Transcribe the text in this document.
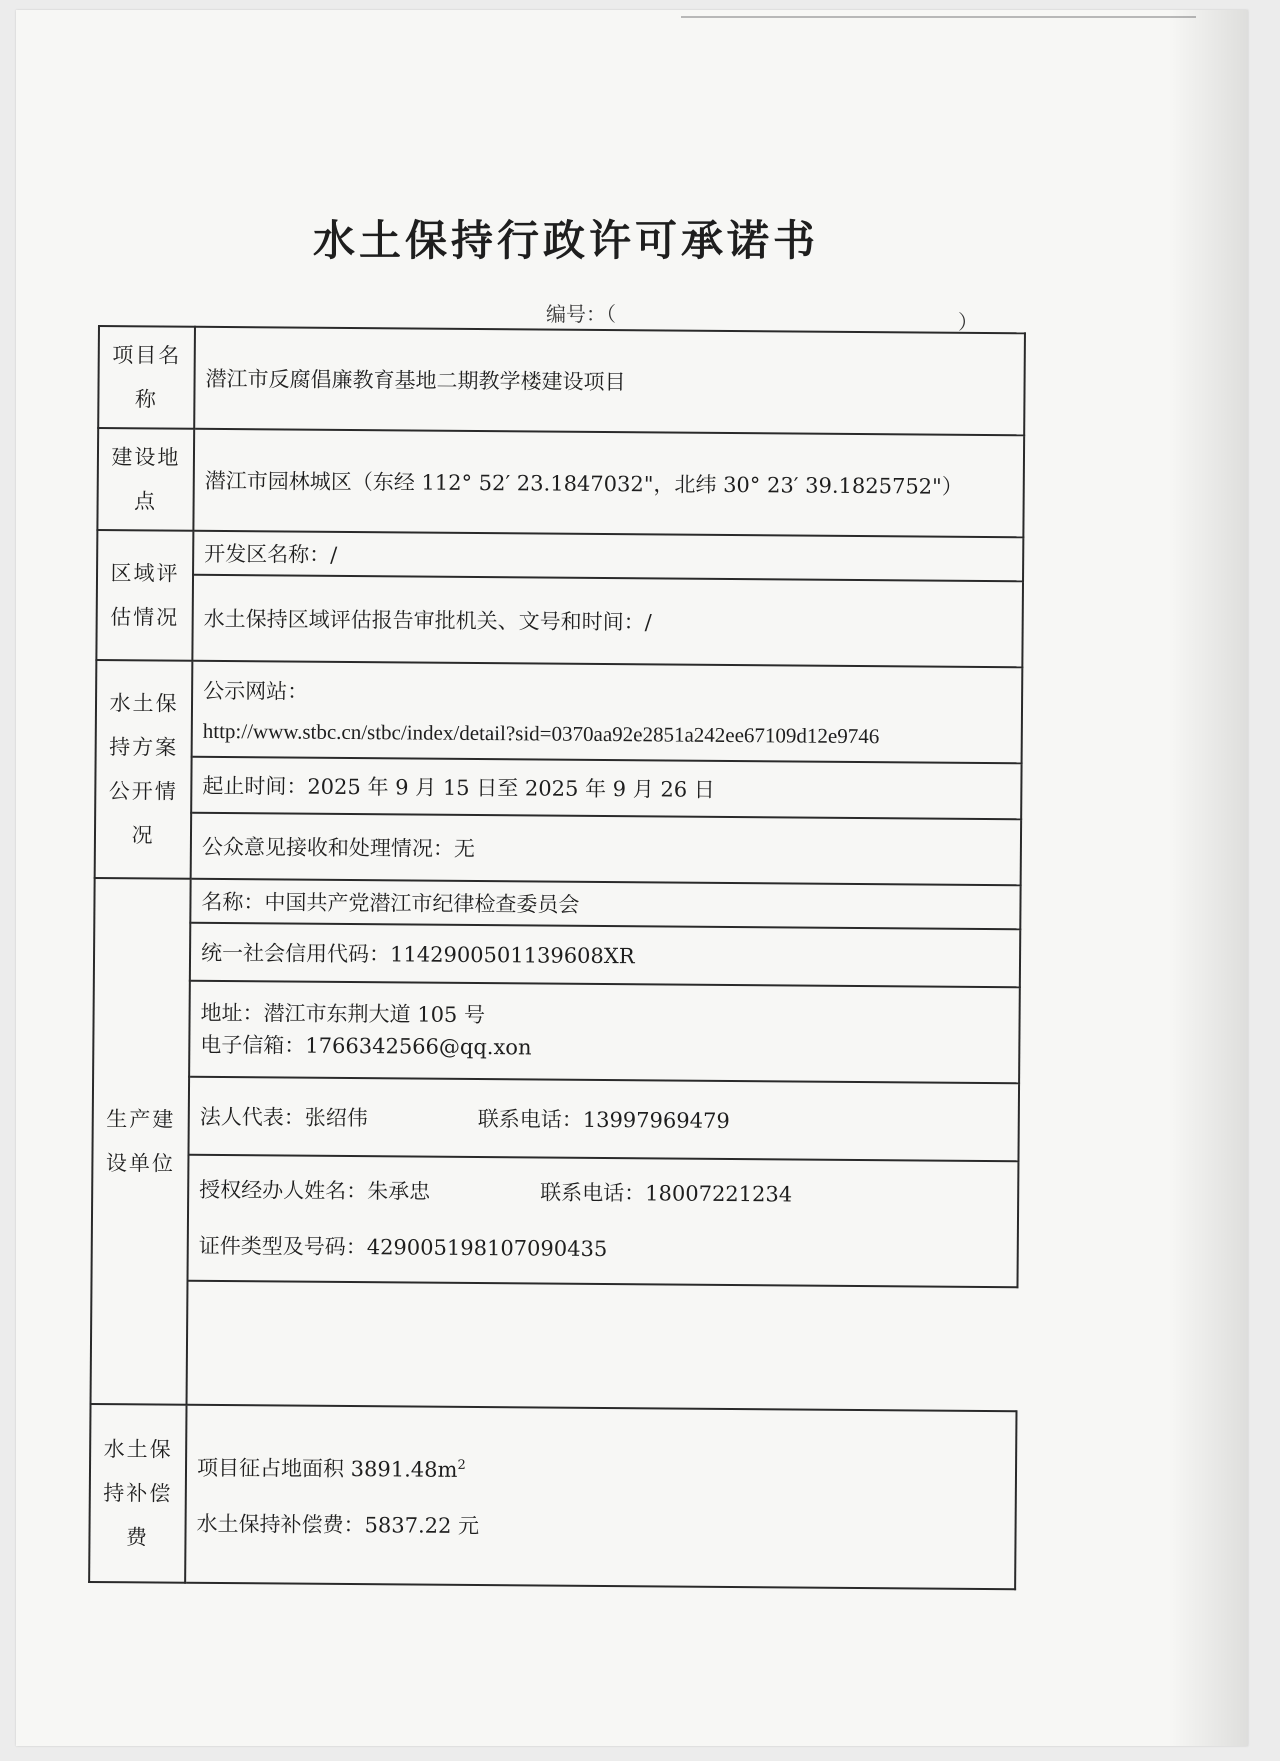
水土保持行政许可承诺书
编号：（	）
项目名称	潜江市反腐倡廉教育基地二期教学楼建设项目
建设地点	潜江市园林城区（东经 112° 52′ 23.1847032"，北纬 30° 23′ 39.1825752"）
区域评估情况	开发区名称：/
	水土保持区域评估报告审批机关、文号和时间：/
水土保持方案公开情况	公示网站：
http://www.stbc.cn/stbc/index/detail?sid=0370aa92e2851a242ee67109d12e9746

	起止时间：2025 年 9 月 15 日至 2025 年 9 月 26 日
	公众意见接收和处理情况：无
生产建设单位	名称：中国共产党潜江市纪律检查委员会
	统一社会信用代码：1142900501139608XR

	地址：潜江市东荆大道 105 号
电子信箱：1766342566@qq.xon

	法人代表：张绍伟 联系电话：13997969479

	授权经办人姓名：朱承忠 联系电话：18007221234
证件类型及号码：429005198107090435

水土保持补偿费	项目征占地面积 $3891.48m^2$
水土保持补偿费：5837.22 元
